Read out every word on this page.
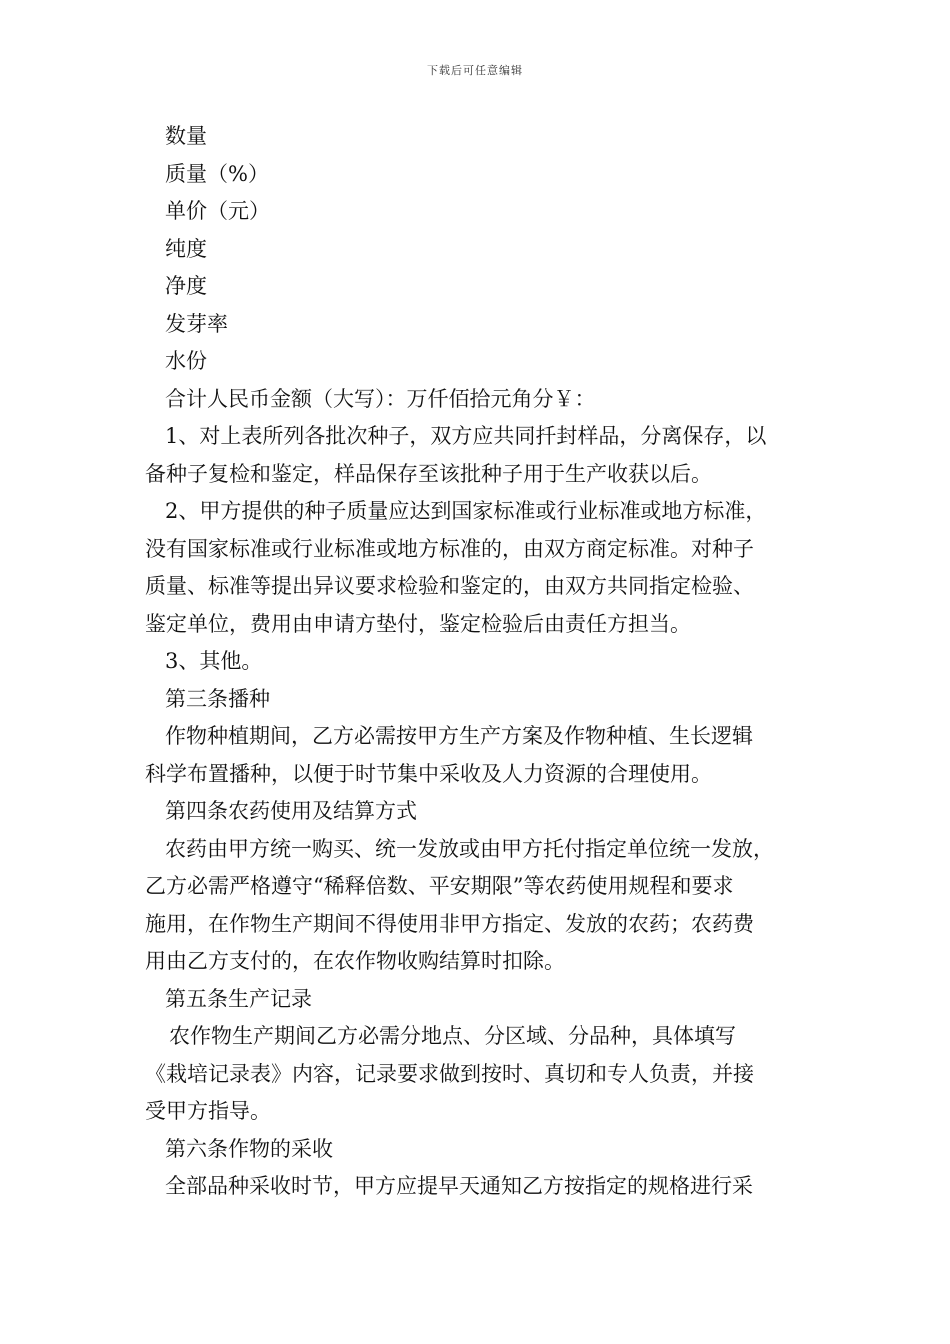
下载后可任意编辑
数量
质量（%）
单价（元）
纯度
净度
发芽率
水份
合计人民币金额（大写）：万仟佰拾元角分￥：
1、对上表所列各批次种子，双方应共同扦封样品，分离保存，以
备种子复检和鉴定，样品保存至该批种子用于生产收获以后。
2、甲方提供的种子质量应达到国家标准或行业标准或地方标准，
没有国家标准或行业标准或地方标准的，由双方商定标准。对种子
质量、标准等提出异议要求检验和鉴定的，由双方共同指定检验、
鉴定单位，费用由申请方垫付，鉴定检验后由责任方担当。
3、其他。
第三条播种
作物种植期间，乙方必需按甲方生产方案及作物种植、生长逻辑
科学布置播种，以便于时节集中采收及人力资源的合理使用。
第四条农药使用及结算方式
农药由甲方统一购买、统一发放或由甲方托付指定单位统一发放，
乙方必需严格遵守“稀释倍数、平安期限”等农药使用规程和要求
施用，在作物生产期间不得使用非甲方指定、发放的农药；农药费
用由乙方支付的，在农作物收购结算时扣除。
第五条生产记录
农作物生产期间乙方必需分地点、分区域、分品种，具体填写
《栽培记录表》内容，记录要求做到按时、真切和专人负责，并接
受甲方指导。
第六条作物的采收
全部品种采收时节，甲方应提早天通知乙方按指定的规格进行采
